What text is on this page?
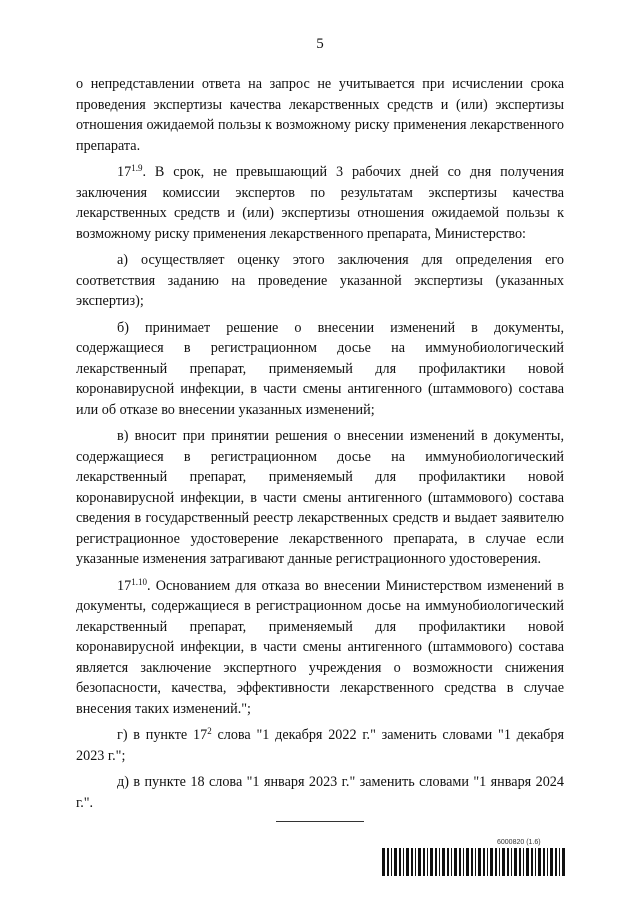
5

о непредставлении ответа на запрос не учитывается при исчислении срока проведения экспертизы качества лекарственных средств и (или) экспертизы отношения ожидаемой пользы к возможному риску применения лекарственного препарата.

$17^{1.9}$. В срок, не превышающий 3 рабочих дней со дня получения заключения комиссии экспертов по результатам экспертизы качества лекарственных средств и (или) экспертизы отношения ожидаемой пользы к возможному риску применения лекарственного препарата, Министерство:

а) осуществляет оценку этого заключения для определения его соответствия заданию на проведение указанной экспертизы (указанных экспертиз);

б) принимает решение о внесении изменений в документы, содержащиеся в регистрационном досье на иммунобиологический лекарственный препарат, применяемый для профилактики новой коронавирусной инфекции, в части смены антигенного (штаммового) состава или об отказе во внесении указанных изменений;

в) вносит при принятии решения о внесении изменений в документы, содержащиеся в регистрационном досье на иммунобиологический лекарственный препарат, применяемый для профилактики новой коронавирусной инфекции, в части смены антигенного (штаммового) состава сведения в государственный реестр лекарственных средств и выдает заявителю регистрационное удостоверение лекарственного препарата, в случае если указанные изменения затрагивают данные регистрационного удостоверения.

$17^{1.10}$. Основанием для отказа во внесении Министерством изменений в документы, содержащиеся в регистрационном досье на иммунобиологический лекарственный препарат, применяемый для профилактики новой коронавирусной инфекции, в части смены антигенного (штаммового) состава является заключение экспертного учреждения о возможности снижения безопасности, качества, эффективности лекарственного средства в случае внесения таких изменений.";

г) в пункте $17^2$ слова "1 декабря 2022 г." заменить словами "1 декабря 2023 г.";

д) в пункте 18 слова "1 января 2023 г." заменить словами "1 января 2024 г.".

6000820 (1.6)
